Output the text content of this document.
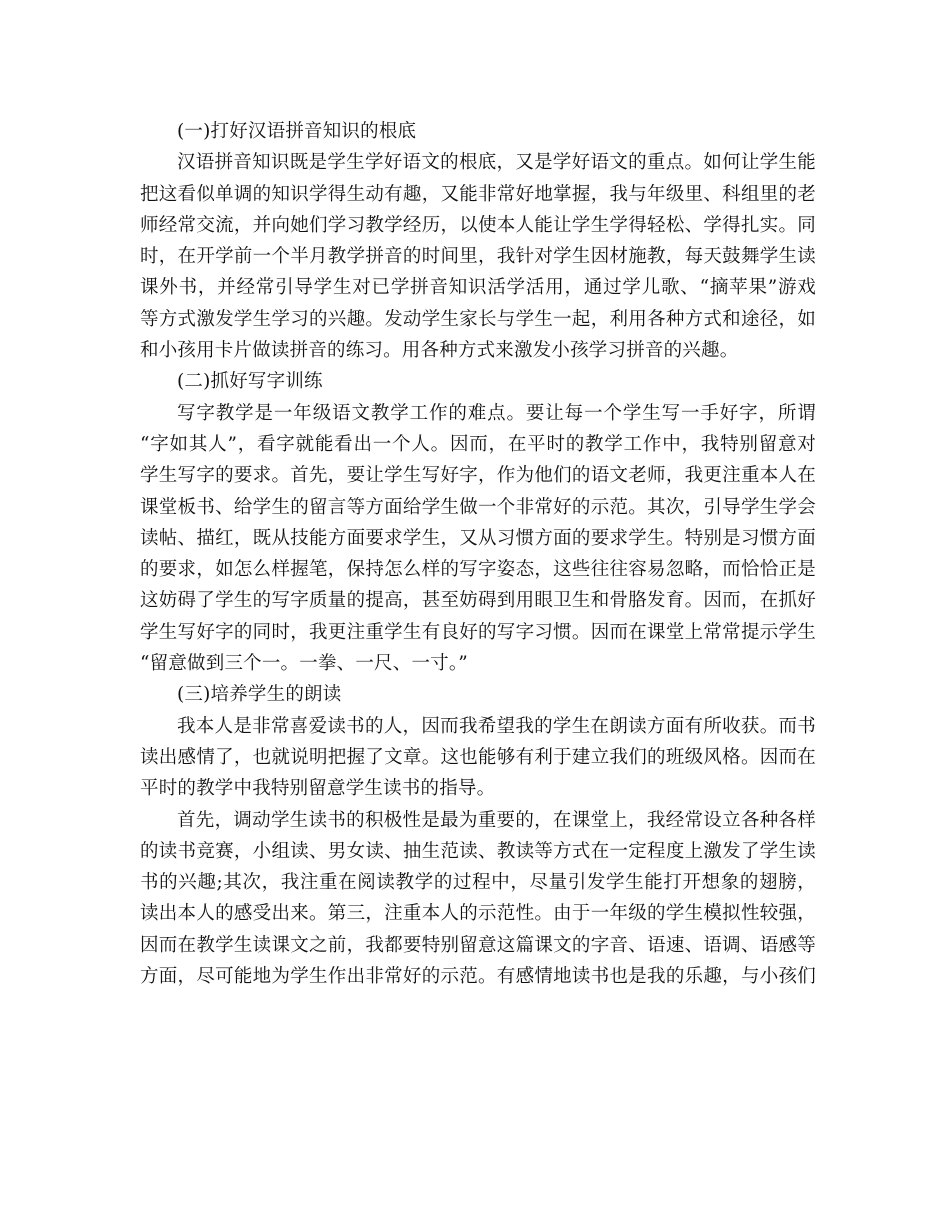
(一)打好汉语拼音知识的根底
汉语拼音知识既是学生学好语文的根底，又是学好语文的重点。如何让学生能
把这看似单调的知识学得生动有趣，又能非常好地掌握，我与年级里、科组里的老
师经常交流，并向她们学习教学经历，以使本人能让学生学得轻松、学得扎实。同
时，在开学前一个半月教学拼音的时间里，我针对学生因材施教，每天鼓舞学生读
课外书，并经常引导学生对已学拼音知识活学活用，通过学儿歌、“摘苹果”游戏
等方式激发学生学习的兴趣。发动学生家长与学生一起，利用各种方式和途径，如
和小孩用卡片做读拼音的练习。用各种方式来激发小孩学习拼音的兴趣。
(二)抓好写字训练
写字教学是一年级语文教学工作的难点。要让每一个学生写一手好字，所谓
“字如其人”，看字就能看出一个人。因而，在平时的教学工作中，我特别留意对
学生写字的要求。首先，要让学生写好字，作为他们的语文老师，我更注重本人在
课堂板书、给学生的留言等方面给学生做一个非常好的示范。其次，引导学生学会
读帖、描红，既从技能方面要求学生，又从习惯方面的要求学生。特别是习惯方面
的要求，如怎么样握笔，保持怎么样的写字姿态，这些往往容易忽略，而恰恰正是
这妨碍了学生的写字质量的提高，甚至妨碍到用眼卫生和骨胳发育。因而，在抓好
学生写好字的同时，我更注重学生有良好的写字习惯。因而在课堂上常常提示学生
“留意做到三个一。一拳、一尺、一寸。”
(三)培养学生的朗读
我本人是非常喜爱读书的人，因而我希望我的学生在朗读方面有所收获。而书
读出感情了，也就说明把握了文章。这也能够有利于建立我们的班级风格。因而在
平时的教学中我特别留意学生读书的指导。
首先，调动学生读书的积极性是最为重要的，在课堂上，我经常设立各种各样
的读书竞赛，小组读、男女读、抽生范读、教读等方式在一定程度上激发了学生读
书的兴趣;其次，我注重在阅读教学的过程中，尽量引发学生能打开想象的翅膀，
读出本人的感受出来。第三，注重本人的示范性。由于一年级的学生模拟性较强，
因而在教学生读课文之前，我都要特别留意这篇课文的字音、语速、语调、语感等
方面，尽可能地为学生作出非常好的示范。有感情地读书也是我的乐趣，与小孩们
